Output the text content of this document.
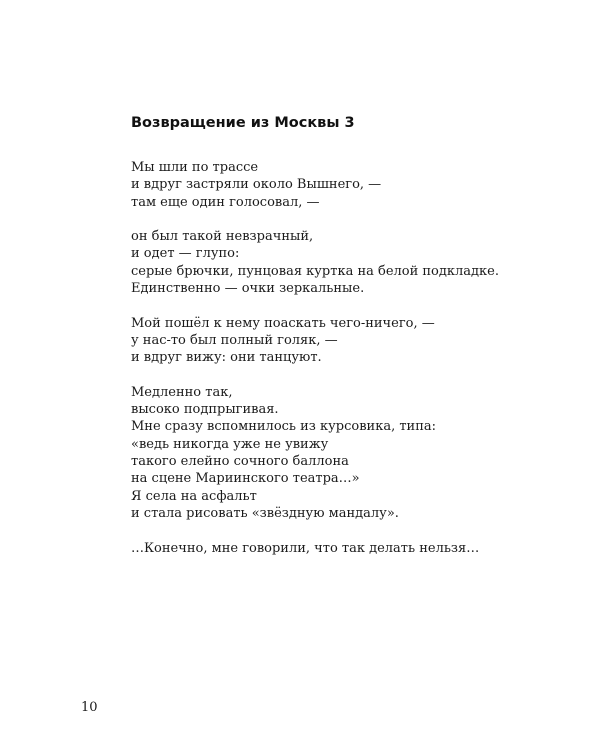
Возвращение из Москвы 3
Мы шли по трассе
и вдруг застряли около Вышнего, —
там еще один голосовал, —
он был такой невзрачный,
и одет — глупо:
серые брючки, пунцовая куртка на белой подкладке.
Единственно — очки зеркальные.
Мой пошёл к нему поаскать чего-ничего, —
у нас-то был полный голяк, —
и вдруг вижу: они танцуют.
Медленно так,
высоко подпрыгивая.
Мне сразу вспомнилось из курсовика, типа:
«ведь никогда уже не увижу
такого елейно сочного баллона
на сцене Мариинского театра…»
Я села на асфальт
и стала рисовать «звёздную мандалу».
…Конечно, мне говорили, что так делать нельзя…
10
